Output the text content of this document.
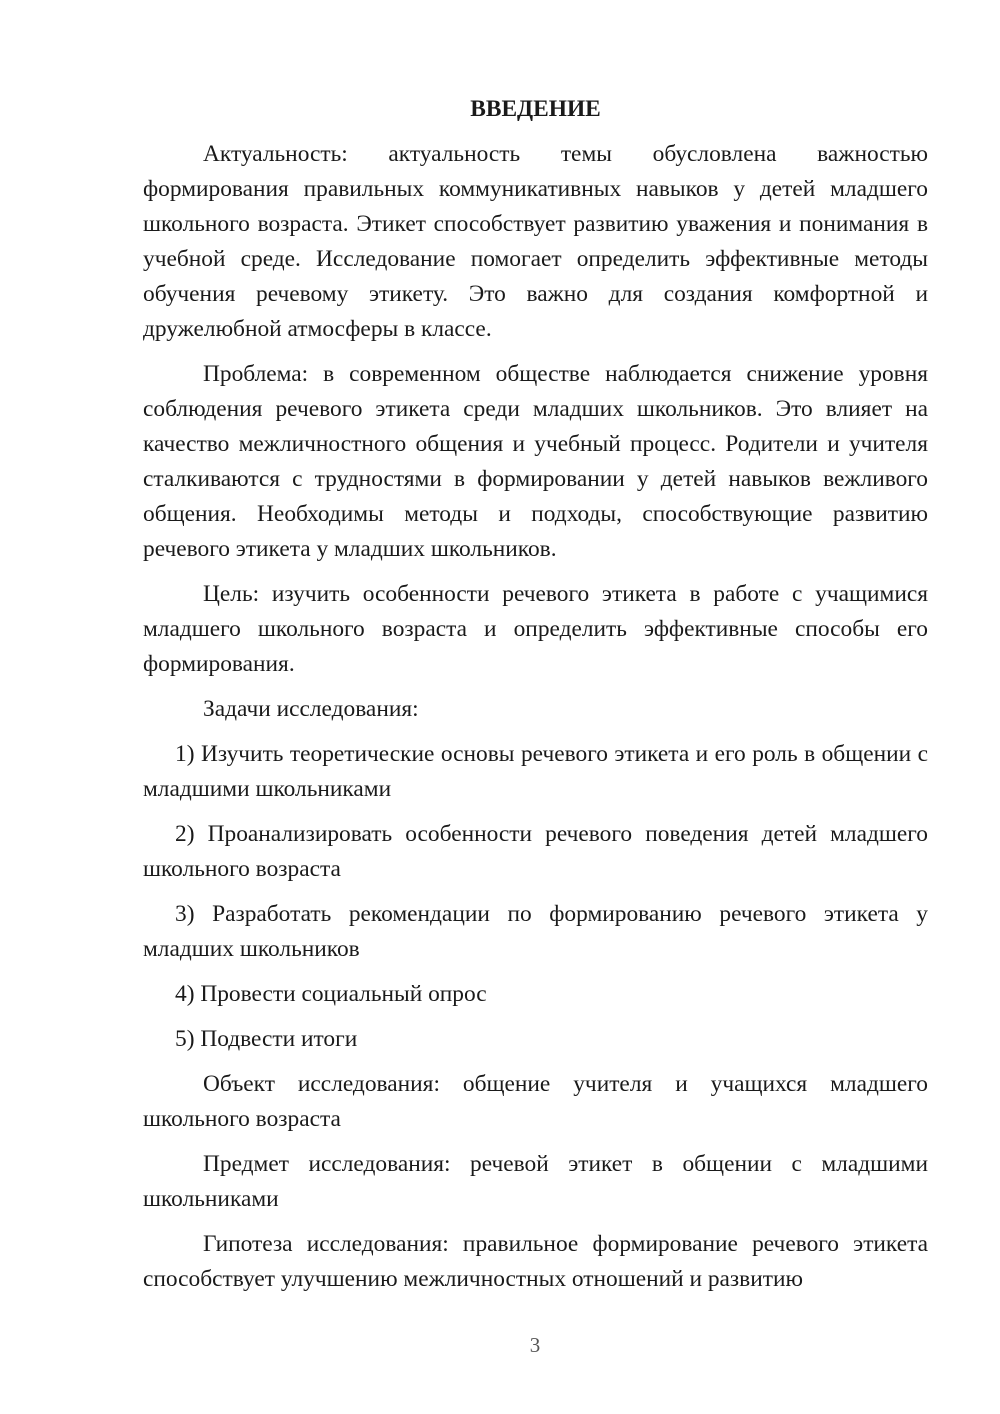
ВВЕДЕНИЕ

Актуальность: актуальность темы обусловлена важностью формирования правильных коммуникативных навыков у детей младшего школьного возраста. Этикет способствует развитию уважения и понимания в учебной среде. Исследование помогает определить эффективные методы обучения речевому этикету. Это важно для создания комфортной и дружелюбной атмосферы в классе.

Проблема: в современном обществе наблюдается снижение уровня соблюдения речевого этикета среди младших школьников. Это влияет на качество межличностного общения и учебный процесс. Родители и учителя сталкиваются с трудностями в формировании у детей навыков вежливого общения. Необходимы методы и подходы, способствующие развитию речевого этикета у младших школьников.

Цель: изучить особенности речевого этикета в работе с учащимися младшего школьного возраста и определить эффективные способы его формирования.

Задачи исследования:

1) Изучить теоретические основы речевого этикета и его роль в общении с младшими школьниками

2) Проанализировать особенности речевого поведения детей младшего школьного возраста

3) Разработать рекомендации по формированию речевого этикета у младших школьников

4) Провести социальный опрос

5) Подвести итоги

Объект исследования: общение учителя и учащихся младшего школьного возраста

Предмет исследования: речевой этикет в общении с младшими школьниками

Гипотеза исследования: правильное формирование речевого этикета способствует улучшению межличностных отношений и развитию

3
